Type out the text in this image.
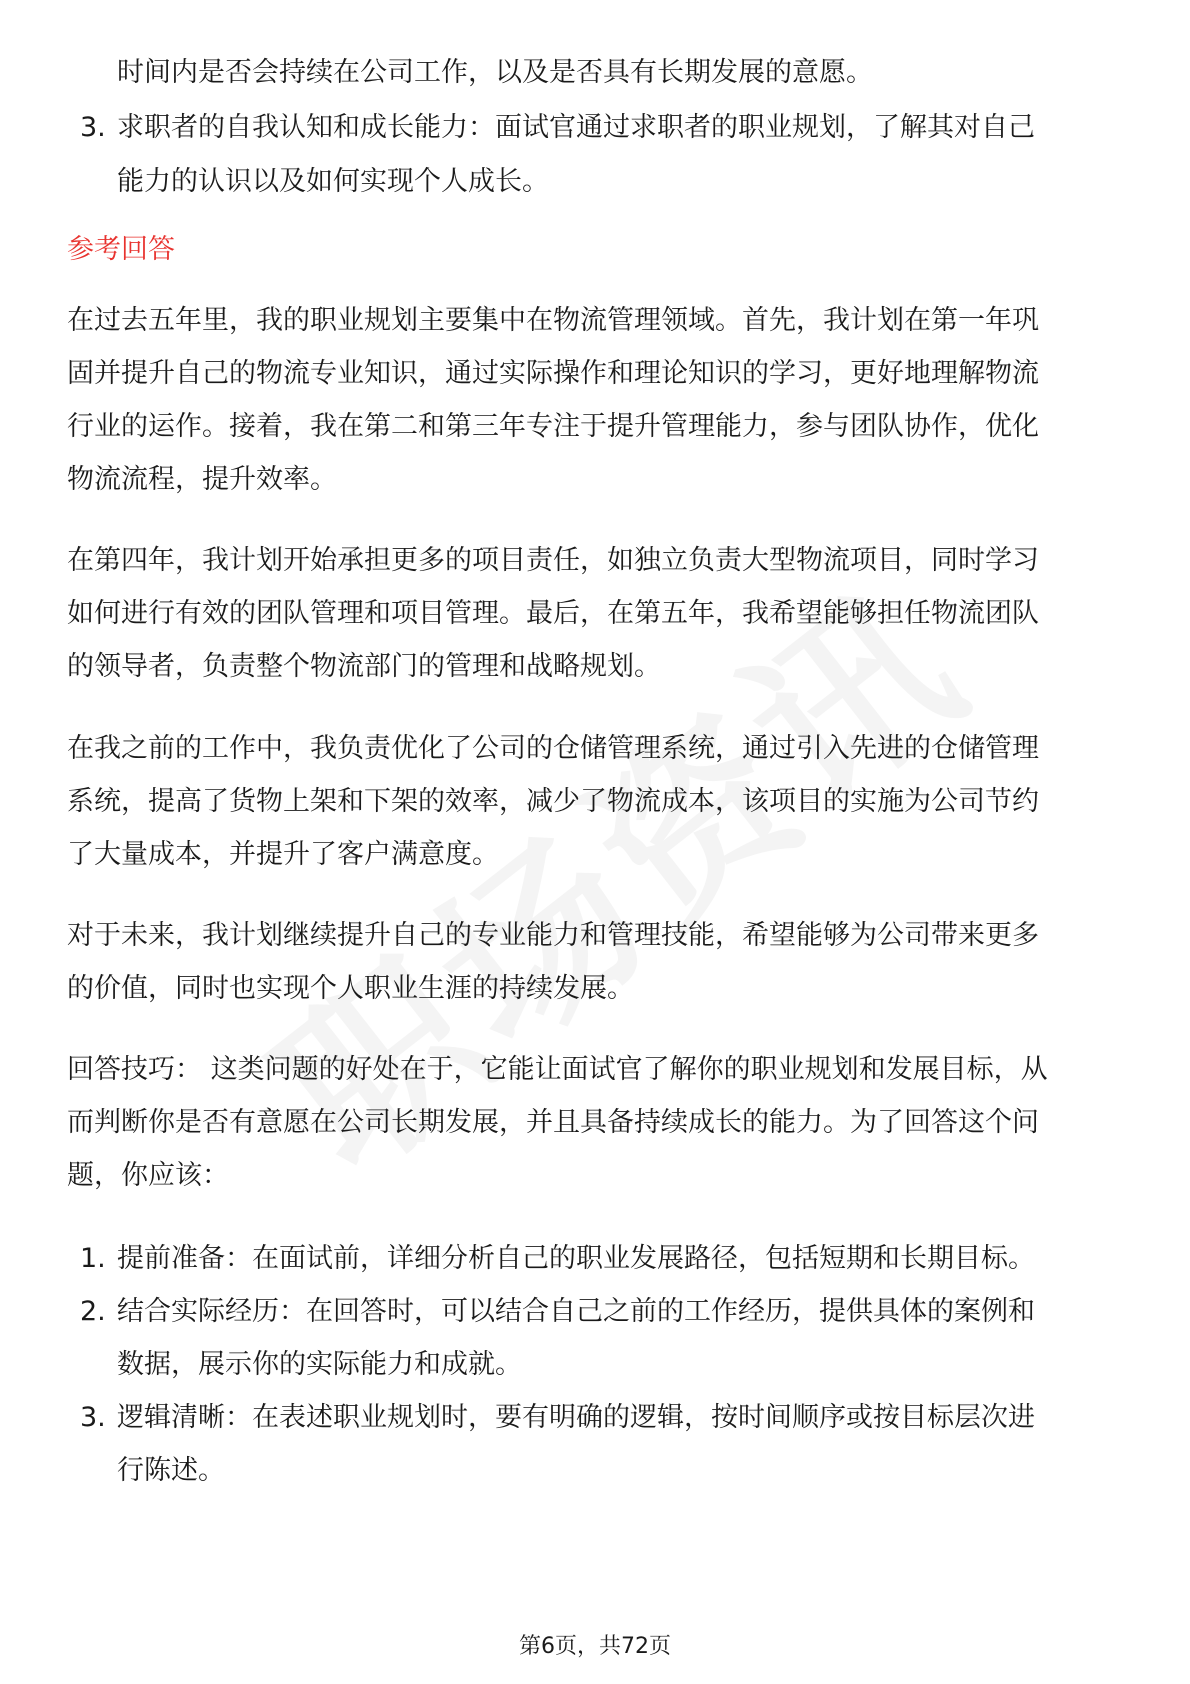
时间内是否会持续在公司工作，以及是否具有长期发展的意愿。
3. 求职者的自我认知和成长能力：面试官通过求职者的职业规划，了解其对自己
能力的认识以及如何实现个人成长。
参考回答
在过去五年里，我的职业规划主要集中在物流管理领域。首先，我计划在第一年巩
固并提升自己的物流专业知识，通过实际操作和理论知识的学习，更好地理解物流
行业的运作。接着，我在第二和第三年专注于提升管理能力，参与团队协作，优化
物流流程，提升效率。
在第四年，我计划开始承担更多的项目责任，如独立负责大型物流项目，同时学习
如何进行有效的团队管理和项目管理。最后，在第五年，我希望能够担任物流团队
的领导者，负责整个物流部门的管理和战略规划。
在我之前的工作中，我负责优化了公司的仓储管理系统，通过引入先进的仓储管理
系统，提高了货物上架和下架的效率，减少了物流成本，该项目的实施为公司节约
了大量成本，并提升了客户满意度。
对于未来，我计划继续提升自己的专业能力和管理技能，希望能够为公司带来更多
的价值，同时也实现个人职业生涯的持续发展。
回答技巧： 这类问题的好处在于，它能让面试官了解你的职业规划和发展目标，从
而判断你是否有意愿在公司长期发展，并且具备持续成长的能力。为了回答这个问
题，你应该：
1. 提前准备：在面试前，详细分析自己的职业发展路径，包括短期和长期目标。
2. 结合实际经历：在回答时，可以结合自己之前的工作经历，提供具体的案例和
数据，展示你的实际能力和成就。
3. 逻辑清晰：在表述职业规划时，要有明确的逻辑，按时间顺序或按目标层次进
行陈述。
第6页，共72页
